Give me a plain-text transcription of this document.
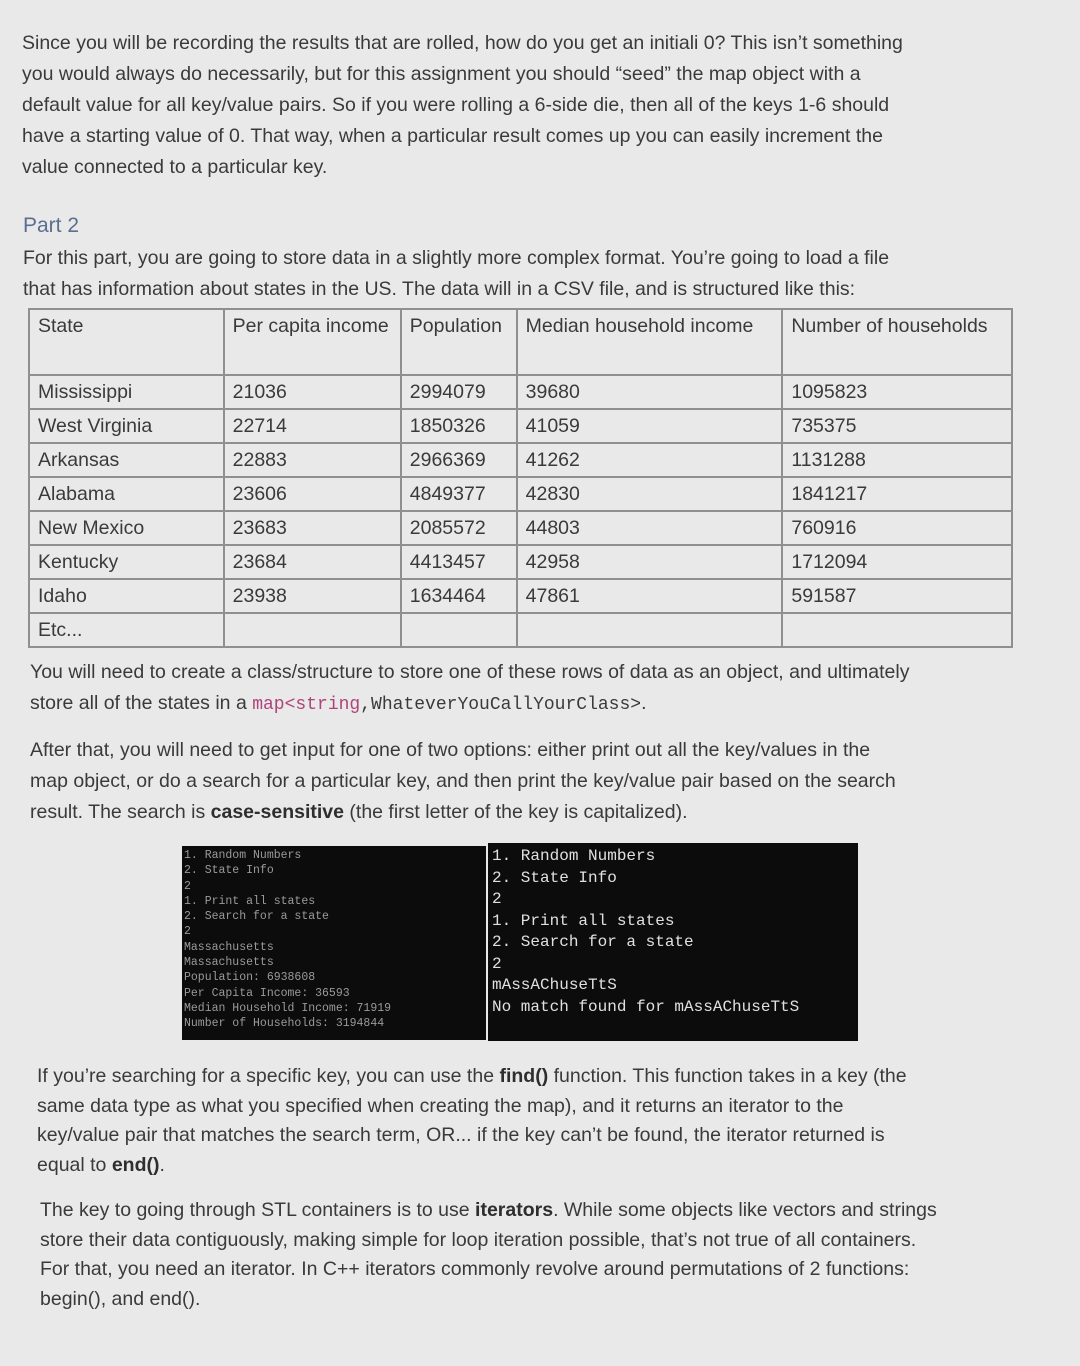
Since you will be recording the results that are rolled, how do you get an initiali 0? This isn’t something
you would always do necessarily, but for this assignment you should “seed” the map object with a
default value for all key/value pairs. So if you were rolling a 6-side die, then all of the keys 1-6 should
have a starting value of 0. That way, when a particular result comes up you can easily increment the
value connected to a particular key.
Part 2
For this part, you are going to store data in a slightly more complex format. You’re going to load a file
that has information about states in the US. The data will in a CSV file, and is structured like this:
State	Per capita income	Population	Median household income	Number of households
Mississippi	21036	2994079	39680	1095823
West Virginia	22714	1850326	41059	735375
Arkansas	22883	2966369	41262	1131288
Alabama	23606	4849377	42830	1841217
New Mexico	23683	2085572	44803	760916
Kentucky	23684	4413457	42958	1712094
Idaho	23938	1634464	47861	591587
Etc...				
You will need to create a class/structure to store one of these rows of data as an object, and ultimately
store all of the states in a map<string,WhateverYouCallYourClass>.
After that, you will need to get input for one of two options: either print out all the key/values in the
map object, or do a search for a particular key, and then print the key/value pair based on the search
result. The search is case-sensitive (the first letter of the key is capitalized).
1. Random Numbers
2. State Info
2
1. Print all states
2. Search for a state
2
Massachusetts
Massachusetts
Population: 6938608
Per Capita Income: 36593
Median Household Income: 71919
Number of Households: 3194844
1. Random Numbers
2. State Info
2
1. Print all states
2. Search for a state
2
mAssAChuseTtS
No match found for mAssAChuseTtS
If you’re searching for a specific key, you can use the find() function. This function takes in a key (the
same data type as what you specified when creating the map), and it returns an iterator to the
key/value pair that matches the search term, OR... if the key can’t be found, the iterator returned is
equal to end().
The key to going through STL containers is to use iterators. While some objects like vectors and strings
store their data contiguously, making simple for loop iteration possible, that’s not true of all containers.
For that, you need an iterator. In C++ iterators commonly revolve around permutations of 2 functions:
begin(), and end().
